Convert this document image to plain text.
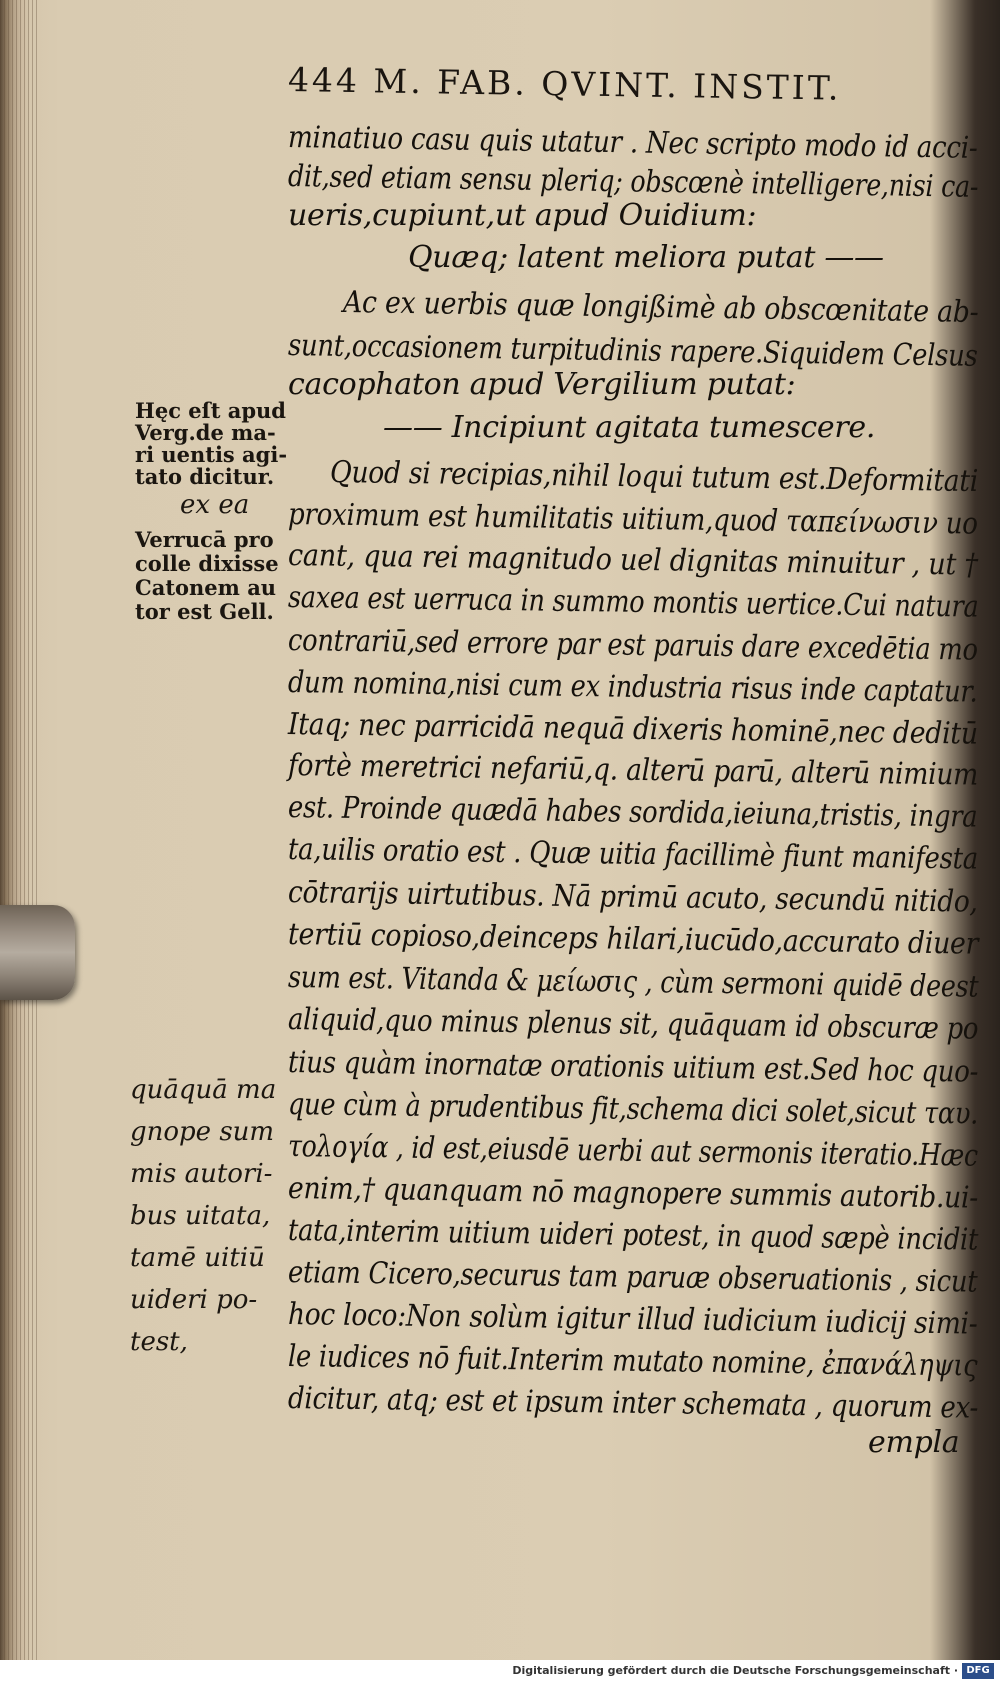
444 M. FAB. QVINT. INSTIT.
minatiuo casu quis utatur . Nec scripto modo id acci-
dit,sed etiam sensu pleriq; obscœnè intelligere,nisi ca-
ueris,cupiunt,ut apud Ouidium:
Quæq; latent meliora putat ——
Ac ex uerbis quæ longißimè ab obscœnitate ab-
sunt,occasionem turpitudinis rapere.Siquidem Celsus
cacophaton apud Vergilium putat:
—— Incipiunt agitata tumescere.
Quod si recipias,nihil loqui tutum est.Deformitati
proximum est humilitatis uitium,quod ταπείνωσιν uo
cant, qua rei magnitudo uel dignitas minuitur , ut †
saxea est uerruca in summo montis uertice.Cui natura
contrariū,sed errore par est paruis dare excedētia mo
dum nomina,nisi cum ex industria risus inde captatur.
Itaq; nec parricidā nequā dixeris hominē,nec deditū
fortè meretrici nefariū,q. alterū parū, alterū nimium
est. Proinde quædā habes sordida,ieiuna,tristis, ingra
ta,uilis oratio est . Quæ uitia facillimè fiunt manifesta
cōtrarijs uirtutibus. Nā primū acuto, secundū nitido,
tertiū copioso,deinceps hilari,iucūdo,accurato diuer
sum est. Vitanda & μείωσις , cùm sermoni quidē deest
aliquid,quo minus plenus sit, quāquam id obscuræ po
tius quàm inornatæ orationis uitium est.Sed hoc quo-
que cùm à prudentibus fit,schema dici solet,sicut ταυ.
τολογία , id est,eiusdē uerbi aut sermonis iteratio.Hæc
enim,† quanquam nō magnopere summis autorib.ui-
tata,interim uitium uideri potest, in quod sæpè incidit
etiam Cicero,securus tam paruæ obseruationis , sicut
hoc loco:Non solùm igitur illud iudicium iudicij simi-
le iudices nō fuit.Interim mutato nomine, ἐπανάληψις
dicitur, atq; est et ipsum inter schemata , quorum ex-
empla
Hęc eſt apud
Verg.de ma-
ri uentis agi-
tato dicitur.
ex ea
Verrucā pro
colle dixisse
Catonem au
tor est Gell.
quāquā ma
gnope sum
mis autori-
bus uitata,
tamē uitiū
uideri po-
test,
Digitalisierung gefördert durch die Deutsche Forschungsgemeinschaft · DFG
